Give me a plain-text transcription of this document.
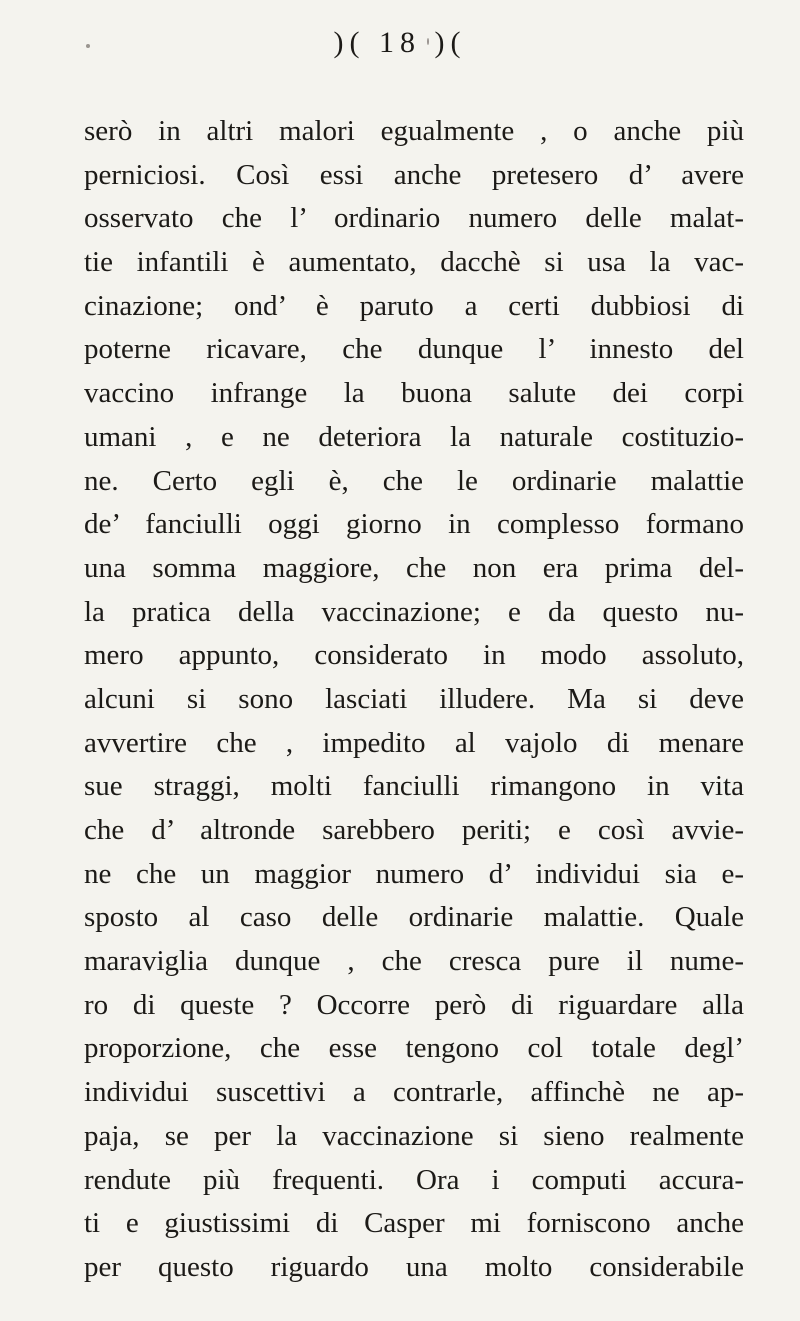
)( 18 )(
serò in altri malori egualmente , o anche più
perniciosi. Così essi anche pretesero d’ avere
osservato che l’ ordinario numero delle malat-
tie infantili è aumentato, dacchè si usa la vac-
cinazione; ond’ è paruto a certi dubbiosi di
poterne ricavare, che dunque l’ innesto del
vaccino infrange la buona salute dei corpi
umani , e ne deteriora la naturale costituzio-
ne. Certo egli è, che le ordinarie malattie
de’ fanciulli oggi giorno in complesso formano
una somma maggiore, che non era prima del-
la pratica della vaccinazione; e da questo nu-
mero appunto, considerato in modo assoluto,
alcuni si sono lasciati illudere. Ma si deve
avvertire che , impedito al vajolo di menare
sue straggi, molti fanciulli rimangono in vita
che d’ altronde sarebbero periti; e così avvie-
ne che un maggior numero d’ individui sia e-
sposto al caso delle ordinarie malattie. Quale
maraviglia dunque , che cresca pure il nume-
ro di queste ? Occorre però di riguardare alla
proporzione, che esse tengono col totale degl’
individui suscettivi a contrarle, affinchè ne ap-
paja, se per la vaccinazione si sieno realmente
rendute più frequenti. Ora i computi accura-
ti e giustissimi di Casper mi forniscono anche
per questo riguardo una molto considerabile
